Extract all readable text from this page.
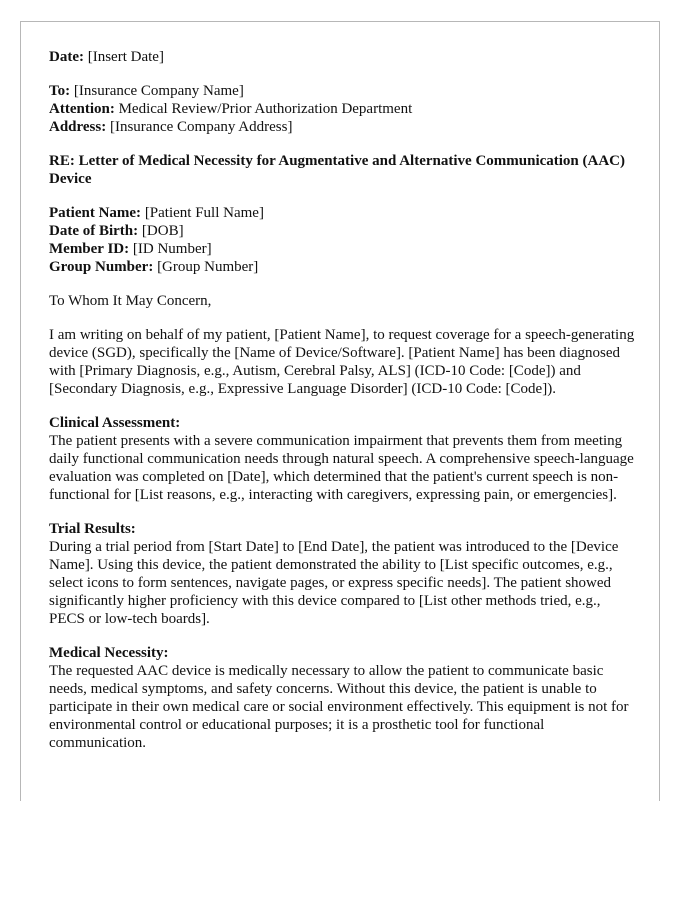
Date: [Insert Date]
To: [Insurance Company Name]
Attention: Medical Review/Prior Authorization Department
Address: [Insurance Company Address]

RE: Letter of Medical Necessity for Augmentative and Alternative Communication (AAC) Device

Patient Name: [Patient Full Name]
Date of Birth: [DOB]
Member ID: [ID Number]
Group Number: [Group Number]

To Whom It May Concern,

I am writing on behalf of my patient, [Patient Name], to request coverage for a speech-generating device (SGD), specifically the [Name of Device/Software]. [Patient Name] has been diagnosed with [Primary Diagnosis, e.g., Autism, Cerebral Palsy, ALS] (ICD-10 Code: [Code]) and [Secondary Diagnosis, e.g., Expressive Language Disorder] (ICD-10 Code: [Code]).

Clinical Assessment:

The patient presents with a severe communication impairment that prevents them from meeting daily functional communication needs through natural speech. A comprehensive speech-language evaluation was completed on [Date], which determined that the patient's current speech is non-functional for [List reasons, e.g., interacting with caregivers, expressing pain, or emergencies].

Trial Results:

During a trial period from [Start Date] to [End Date], the patient was introduced to the [Device Name]. Using this device, the patient demonstrated the ability to [List specific outcomes, e.g., select icons to form sentences, navigate pages, or express specific needs]. The patient showed significantly higher proficiency with this device compared to [List other methods tried, e.g., PECS or low-tech boards].

Medical Necessity:

The requested AAC device is medically necessary to allow the patient to communicate basic needs, medical symptoms, and safety concerns. Without this device, the patient is unable to participate in their own medical care or social environment effectively. This equipment is not for environmental control or educational purposes; it is a prosthetic tool for functional communication.
